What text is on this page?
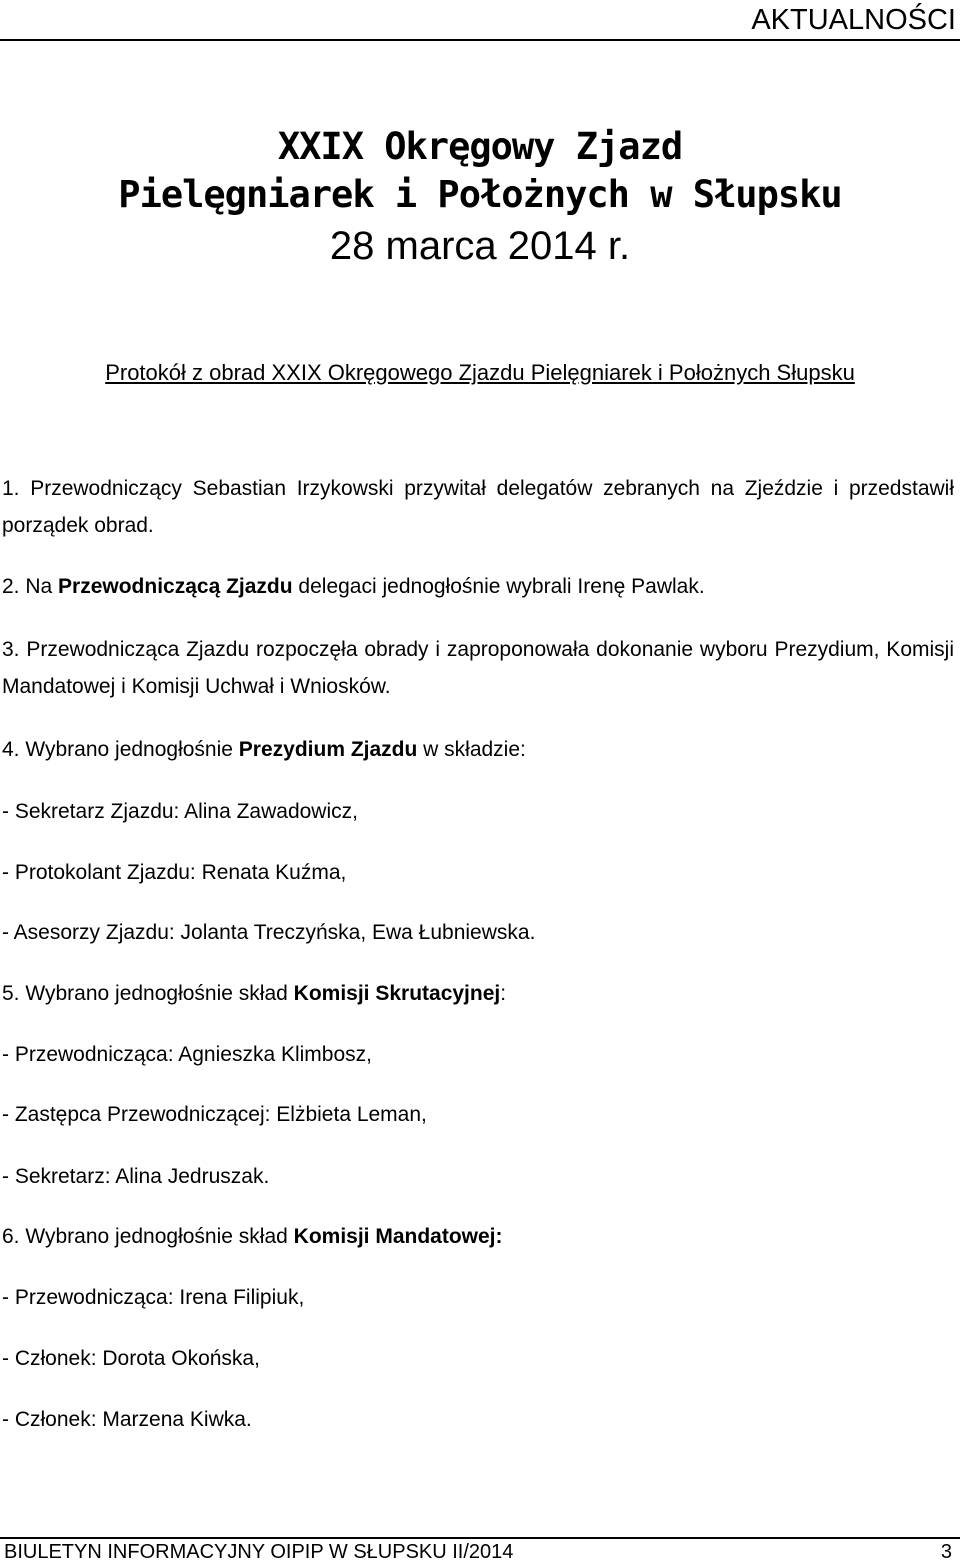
AKTUALNOŚCI
XXIX Okręgowy Zjazd
Pielęgniarek i Położnych w Słupsku
28 marca 2014 r.
Protokół z obrad XXIX Okręgowego Zjazdu Pielęgniarek i Położnych Słupsku
1. Przewodniczący Sebastian Irzykowski przywitał delegatów zebranych na Zjeździe i przedstawił porządek obrad.
2. Na Przewodniczącą Zjazdu delegaci jednogłośnie wybrali Irenę Pawlak.
3. Przewodnicząca Zjazdu rozpoczęła obrady i zaproponowała dokonanie wyboru Prezydium, Komisji Mandatowej i Komisji Uchwał i Wniosków.
4. Wybrano jednogłośnie Prezydium Zjazdu w składzie:
- Sekretarz Zjazdu: Alina Zawadowicz,
- Protokolant Zjazdu: Renata Kuźma,
- Asesorzy Zjazdu: Jolanta Treczyńska, Ewa Łubniewska.
5. Wybrano jednogłośnie skład Komisji Skrutacyjnej:
- Przewodnicząca: Agnieszka Klimbosz,
- Zastępca Przewodniczącej: Elżbieta Leman,
- Sekretarz: Alina Jedruszak.
6. Wybrano jednogłośnie skład Komisji Mandatowej:
- Przewodnicząca: Irena Filipiuk,
- Członek: Dorota Okońska,
- Członek: Marzena Kiwka.
BIULETYN INFORMACYJNY OIPIP W SŁUPSKU II/2014	3
